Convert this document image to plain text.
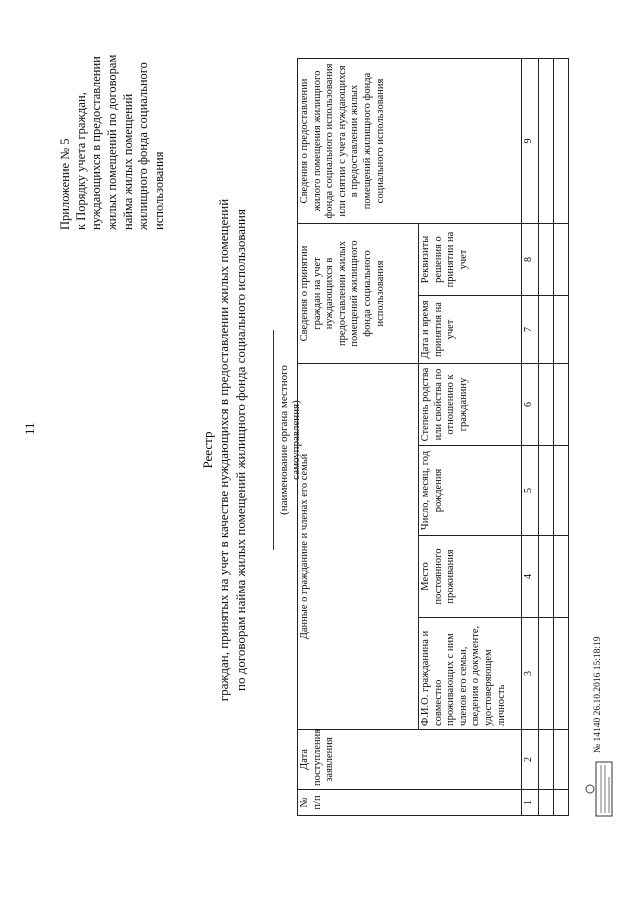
11
Приложение № 5 к Порядку учета граждан, нуждающихся в предоставлении жилых помещений по договорам найма жилых помещений жилищного фонда социального использования
Реестр граждан, принятых на учет в качестве нуждающихся в предоставлении жилых помещений по договорам найма жилых помещений жилищного фонда социального использования	(наименование органа местного самоуправления)
№ п/п	Дата поступления заявления	Данные о гражданине и членах его семьи				Сведения о принятии граждан на учет нуждающихся в предоставлении жилых помещений жилищного фонда социального использования		Сведения о предоставлении жилого помещения жилищного фонда социального использования или снятии с учета нуждающихся в предоставлении жилых помещений жилищного фонда социального использования
		Ф.И.О. гражданина и совместно проживающих с ним членов его семьи, сведения о документе, удостоверяющем личность	Место постоянного проживания	Число, месяц, год рождения	Степень родства или свойства по отношению к гражданину	Дата и время принятия на учет	Реквизиты решения о принятии на учет	
1	2	3	4	5	6	7	8	9

№ 14140 26.10.2016 15:18:19
